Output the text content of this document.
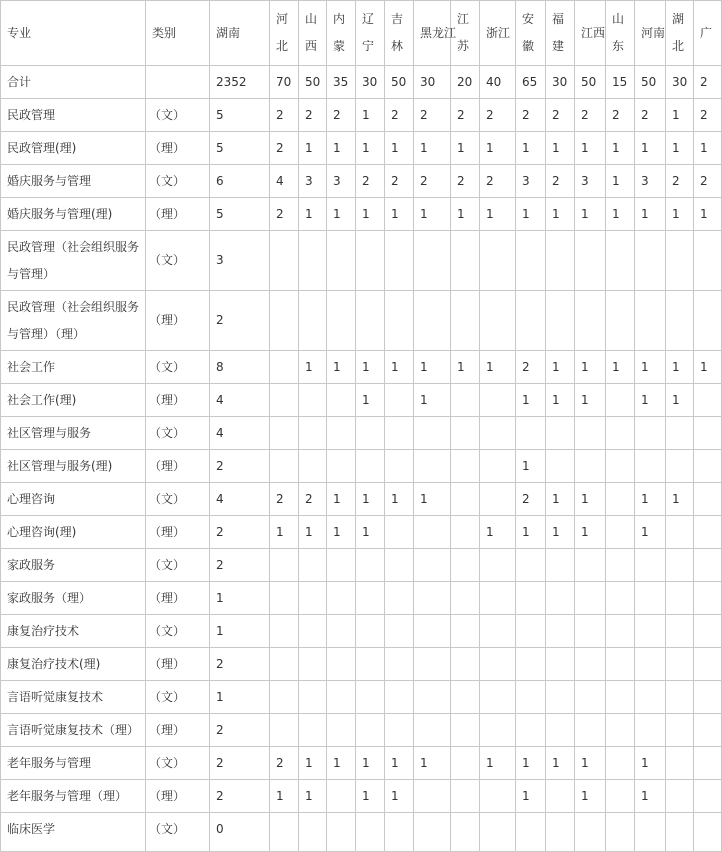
专业	类别	湖南	河北	山西	内蒙	辽宁	吉林	黑龙江	江苏	浙江	安徽	福建	江西	山东	河南	湖北	广
合计		2352	70	50	35	30	50	30	20	40	65	30	50	15	50	30	2
民政管理	（文）	5	2	2	2	1	2	2	2	2	2	2	2	2	2	1	2
民政管理(理)	（理）	5	2	1	1	1	1	1	1	1	1	1	1	1	1	1	1
婚庆服务与管理	（文）	6	4	3	3	2	2	2	2	2	3	2	3	1	3	2	2
婚庆服务与管理(理)	（理）	5	2	1	1	1	1	1	1	1	1	1	1	1	1	1	1
民政管理（社会组织服务与管理）	（文）	3															
民政管理（社会组织服务与管理）（理）	（理）	2															
社会工作	（文）	8		1	1	1	1	1	1	1	2	1	1	1	1	1	1
社会工作(理)	（理）	4				1		1			1	1	1		1	1	
社区管理与服务	（文）	4															
社区管理与服务(理)	（理）	2									1						
心理咨询	（文）	4	2	2	1	1	1	1			2	1	1		1	1	
心理咨询(理)	（理）	2	1	1	1	1				1	1	1	1		1		
家政服务	（文）	2															
家政服务（理）	（理）	1															
康复治疗技术	（文）	1															
康复治疗技术(理)	（理）	2															
言语听觉康复技术	（文）	1															
言语听觉康复技术（理）	（理）	2															
老年服务与管理	（文）	2	2	1	1	1	1	1		1	1	1	1		1		
老年服务与管理（理）	（理）	2	1	1		1	1				1		1		1		
临床医学	（文）	0															
